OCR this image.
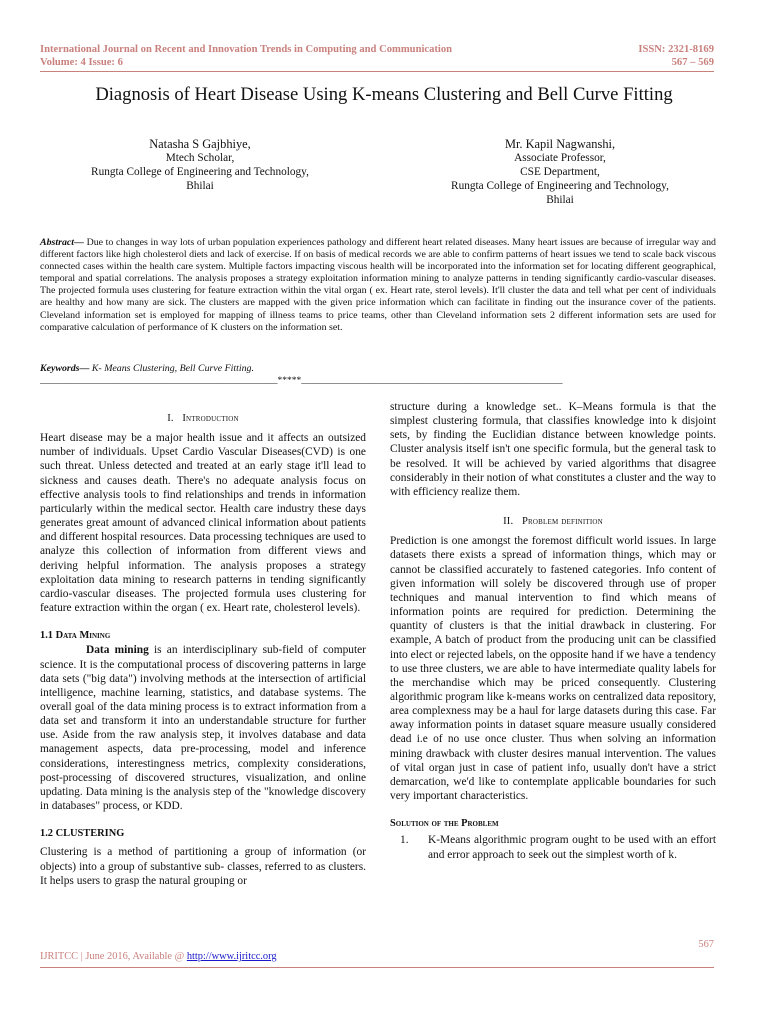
International Journal on Recent and Innovation Trends in Computing and Communication
Volume: 4 Issue: 6
ISSN: 2321-8169
567 – 569
Diagnosis of Heart Disease Using K-means Clustering and Bell Curve Fitting
Natasha S Gajbhiye,
Mtech Scholar,
Rungta College of Engineering and Technology,
Bhilai
Mr. Kapil Nagwanshi,
Associate Professor,
CSE Department,
Rungta College of Engineering and Technology,
Bhilai
Abstract— Due to changes in way lots of urban population experiences pathology and different heart related diseases. Many heart issues are because of irregular way and different factors like high cholesterol diets and lack of exercise. If on basis of medical records we are able to confirm patterns of heart issues we tend to scale back viscous connected cases within the health care system. Multiple factors impacting viscous health will be incorporated into the information set for locating different geographical, temporal and spatial correlations. The analysis proposes a strategy exploitation information mining to analyze patterns in tending significantly cardio-vascular diseases. The projected formula uses clustering for feature extraction within the vital organ ( ex. Heart rate, sterol levels). It'll cluster the data and tell what per cent of individuals are healthy and how many are sick. The clusters are mapped with the given price information which can facilitate in finding out the insurance cover of the patients. Cleveland information set is employed for mapping of illness teams to price teams, other than Cleveland information sets 2 different information sets are used for comparative calculation of performance of K clusters on the information set.
Keywords— K- Means Clustering, Bell Curve Fitting.
__________________________________________________*****_______________________________________________________
I. Introduction

Heart disease may be a major health issue and it affects an outsized number of individuals. Upset Cardio Vascular Diseases(CVD) is one such threat. Unless detected and treated at an early stage it'll lead to sickness and causes death. There's no adequate analysis focus on effective analysis tools to find relationships and trends in information particularly within the medical sector. Health care industry these days generates great amount of advanced clinical information about patients and different hospital resources. Data processing techniques are used to analyze this collection of information from different views and deriving helpful information. The analysis proposes a strategy exploitation data mining to research patterns in tending significantly cardio-vascular diseases. The projected formula uses clustering for feature extraction within the organ ( ex. Heart rate, cholesterol levels).

1.1 Data Mining

Data mining is an interdisciplinary sub-field of computer science. It is the computational process of discovering patterns in large data sets ("big data") involving methods at the intersection of artificial intelligence, machine learning, statistics, and database systems. The overall goal of the data mining process is to extract information from a data set and transform it into an understandable structure for further use. Aside from the raw analysis step, it involves database and data management aspects, data pre-processing, model and inference considerations, interestingness metrics, complexity considerations, post-processing of discovered structures, visualization, and online updating. Data mining is the analysis step of the "knowledge discovery in databases" process, or KDD.

1.2 CLUSTERING

Clustering is a method of partitioning a group of information (or objects) into a group of substantive sub- classes, referred to as clusters. It helps users to grasp the natural grouping or

structure during a knowledge set.. K–Means formula is that the simplest clustering formula, that classifies knowledge into k disjoint sets, by finding the Euclidian distance between knowledge points. Cluster analysis itself isn't one specific formula, but the general task to be resolved. It will be achieved by varied algorithms that disagree considerably in their notion of what constitutes a cluster and the way to with efficiency realize them.

II. Problem definition

Prediction is one amongst the foremost difficult world issues. In large datasets there exists a spread of information things, which may or cannot be classified accurately to fastened categories. Info content of given information will solely be discovered through use of proper techniques and manual intervention to find which means of information points are required for prediction. Determining the quantity of clusters is that the initial drawback in clustering. For example, A batch of product from the producing unit can be classified into elect or rejected labels, on the opposite hand if we have a tendency to use three clusters, we are able to have intermediate quality labels for the merchandise which may be priced consequently. Clustering algorithmic program like k-means works on centralized data repository, area complexness may be a haul for large datasets during this case. Far away information points in dataset square measure usually considered dead i.e of no use once cluster. Thus when solving an information mining drawback with cluster desires manual intervention. The values of vital organ just in case of patient info, usually don't have a strict demarcation, we'd like to contemplate applicable boundaries for such very important characteristics.

Solution of the Problem
1.	K-Means algorithmic program ought to be used with an effort and error approach to seek out the simplest worth of k.
567
IJRITCC | June 2016, Available @ http://www.ijritcc.org
